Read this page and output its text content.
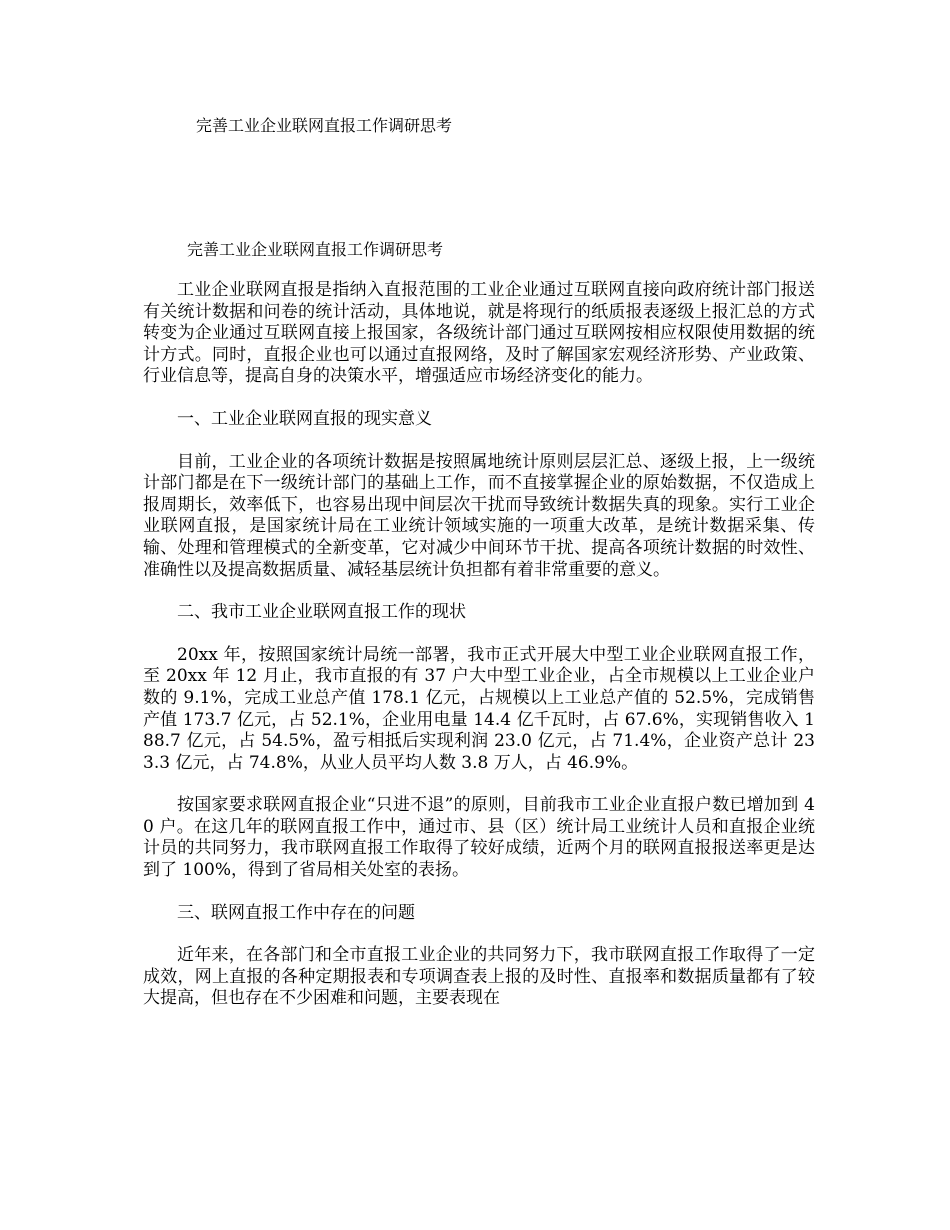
完善工业企业联网直报工作调研思考
完善工业企业联网直报工作调研思考

工业企业联网直报是指纳入直报范围的工业企业通过互联网直接向政府统计部门报送有关统计数据和问卷的统计活动，具体地说，就是将现行的纸质报表逐级上报汇总的方式转变为企业通过互联网直接上报国家，各级统计部门通过互联网按相应权限使用数据的统计方式。同时，直报企业也可以通过直报网络，及时了解国家宏观经济形势、产业政策、行业信息等，提高自身的决策水平，增强适应市场经济变化的能力。

一、工业企业联网直报的现实意义

目前，工业企业的各项统计数据是按照属地统计原则层层汇总、逐级上报，上一级统计部门都是在下一级统计部门的基础上工作，而不直接掌握企业的原始数据，不仅造成上报周期长，效率低下，也容易出现中间层次干扰而导致统计数据失真的现象。实行工业企业联网直报，是国家统计局在工业统计领域实施的一项重大改革，是统计数据采集、传输、处理和管理模式的全新变革，它对减少中间环节干扰、提高各项统计数据的时效性、准确性以及提高数据质量、减轻基层统计负担都有着非常重要的意义。

二、我市工业企业联网直报工作的现状

20xx 年，按照国家统计局统一部署，我市正式开展大中型工业企业联网直报工作，至 20xx 年 12 月止，我市直报的有 37 户大中型工业企业，占全市规模以上工业企业户数的 9.1%，完成工业总产值 178.1 亿元，占规模以上工业总产值的 52.5%，完成销售产值 173.7 亿元，占 52.1%，企业用电量 14.4 亿千瓦时，占 67.6%，实现销售收入 188.7 亿元，占 54.5%，盈亏相抵后实现利润 23.0 亿元，占 71.4%，企业资产总计 233.3 亿元，占 74.8%，从业人员平均人数 3.8 万人，占 46.9%。

按国家要求联网直报企业“只进不退”的原则，目前我市工业企业直报户数已增加到 40 户。在这几年的联网直报工作中，通过市、县（区）统计局工业统计人员和直报企业统计员的共同努力，我市联网直报工作取得了较好成绩，近两个月的联网直报报送率更是达到了 100%，得到了省局相关处室的表扬。

三、联网直报工作中存在的问题

近年来，在各部门和全市直报工业企业的共同努力下，我市联网直报工作取得了一定成效，网上直报的各种定期报表和专项调查表上报的及时性、直报率和数据质量都有了较大提高，但也存在不少困难和问题，主要表现在
